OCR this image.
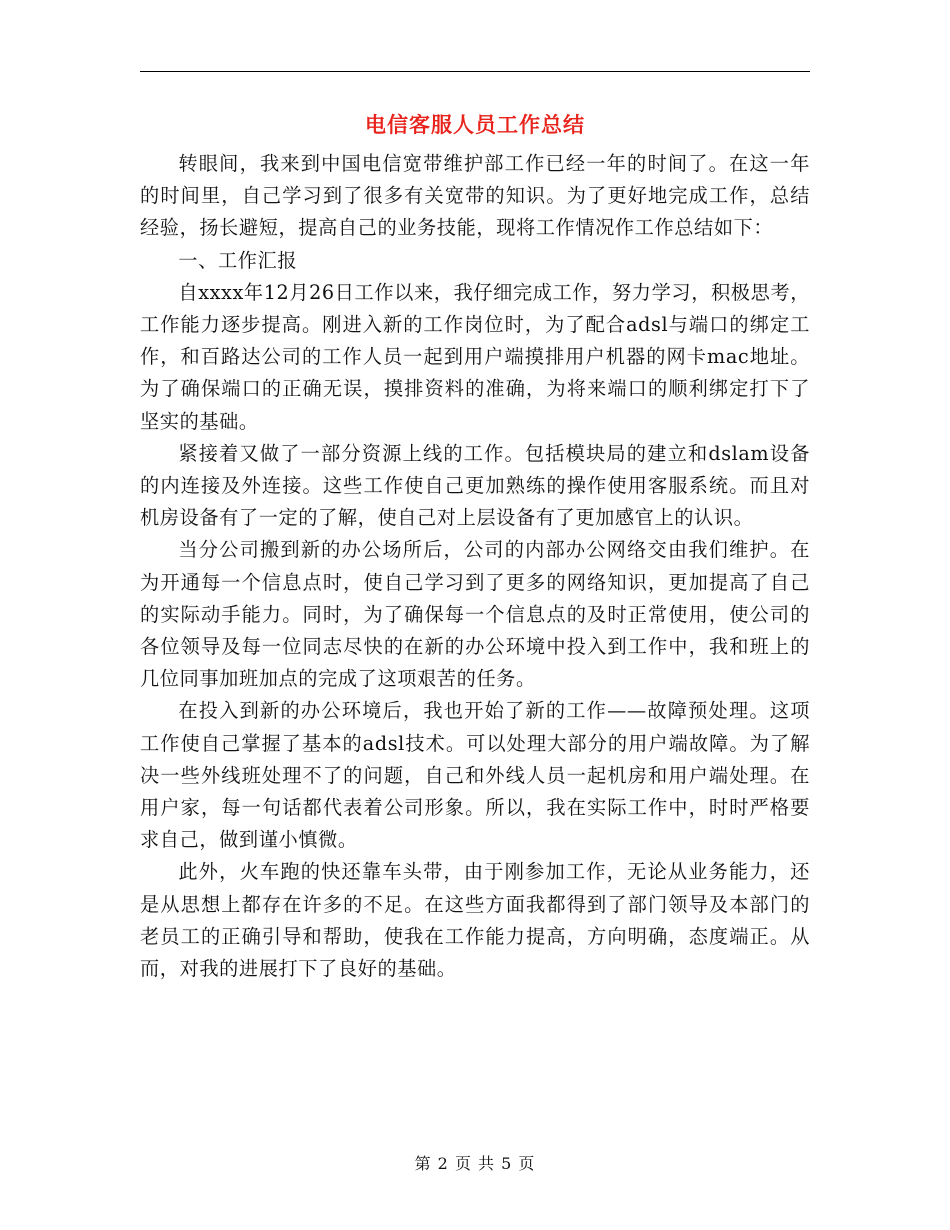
电信客服人员工作总结

转眼间，我来到中国电信宽带维护部工作已经一年的时间了。在这一年的时间里，自己学习到了很多有关宽带的知识。为了更好地完成工作，总结经验，扬长避短，提高自己的业务技能，现将工作情况作工作总结如下：

一、工作汇报

自xxxx年12月26日工作以来，我仔细完成工作，努力学习，积极思考，工作能力逐步提高。刚进入新的工作岗位时，为了配合adsl与端口的绑定工作，和百路达公司的工作人员一起到用户端摸排用户机器的网卡mac地址。为了确保端口的正确无误，摸排资料的准确，为将来端口的顺利绑定打下了坚实的基础。

紧接着又做了一部分资源上线的工作。包括模块局的建立和dslam设备的内连接及外连接。这些工作使自己更加熟练的操作使用客服系统。而且对机房设备有了一定的了解，使自己对上层设备有了更加感官上的认识。

当分公司搬到新的办公场所后，公司的内部办公网络交由我们维护。在为开通每一个信息点时，使自己学习到了更多的网络知识，更加提高了自己的实际动手能力。同时，为了确保每一个信息点的及时正常使用，使公司的各位领导及每一位同志尽快的在新的办公环境中投入到工作中，我和班上的几位同事加班加点的完成了这项艰苦的任务。

在投入到新的办公环境后，我也开始了新的工作——故障预处理。这项工作使自己掌握了基本的adsl技术。可以处理大部分的用户端故障。为了解决一些外线班处理不了的问题，自己和外线人员一起机房和用户端处理。在用户家，每一句话都代表着公司形象。所以，我在实际工作中，时时严格要求自己，做到谨小慎微。

此外，火车跑的快还靠车头带，由于刚参加工作，无论从业务能力，还是从思想上都存在许多的不足。在这些方面我都得到了部门领导及本部门的老员工的正确引导和帮助，使我在工作能力提高，方向明确，态度端正。从而，对我的进展打下了良好的基础。

第 2 页 共 5 页
